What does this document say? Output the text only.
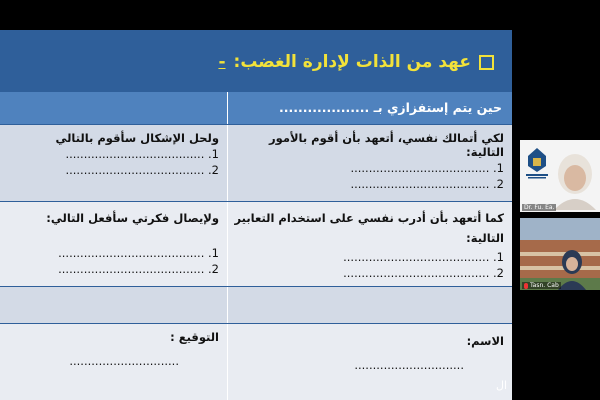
عهد من الذات لإدارة الغضب:
-
حين يتم إستفزازي بـ ...................
لكي أتمالك نفسي، أتعهد بأن أقوم بالأمور التالية:
1. ......................................
2. ......................................
ولحل الإشكال سأقوم بالتالي
1. ......................................
2. ......................................
كما أتعهد بأن أدرب نفسي على استخدام التعابير التالية:
1. ........................................
2. ........................................
ولإيصال فكرتي سأفعل التالي:
1. ........................................
2. ........................................
الاسم:
..............................
التوقيع :
..............................
ال
Dr. Fu. Ea.
Tasn. Cab
